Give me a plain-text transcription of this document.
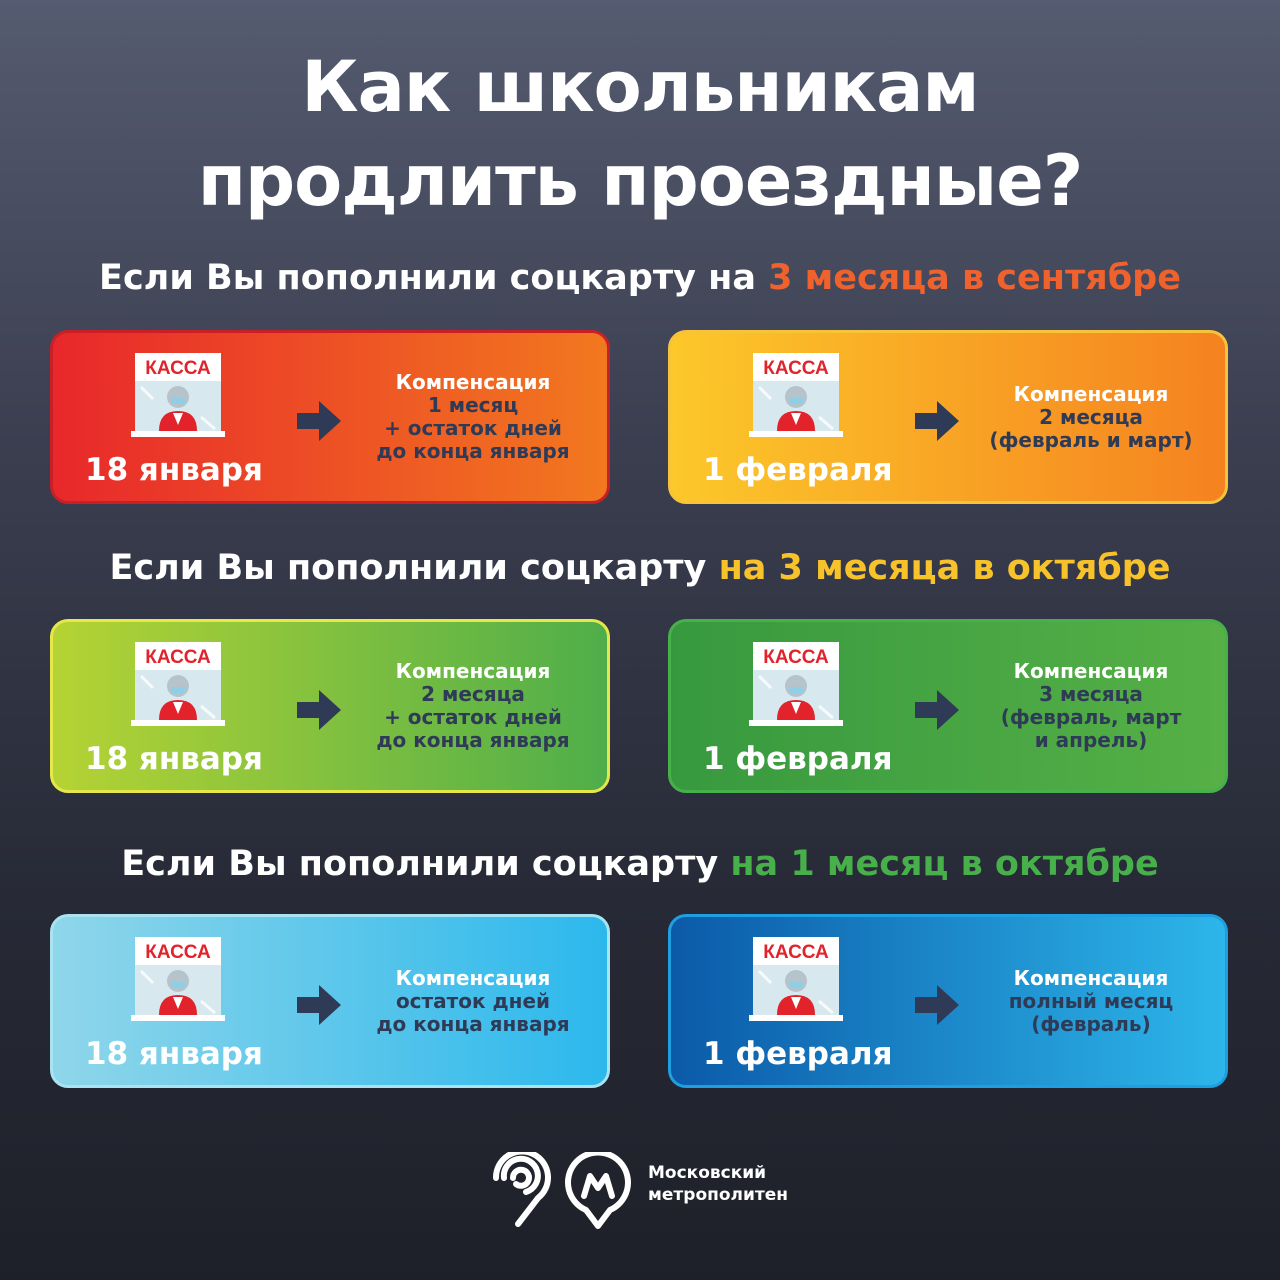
Как школьникам
продлить проездные?
Если Вы пополнили соцкарту на 3 месяца в сентябре
Если Вы пополнили соцкарту на 3 месяца в октябре
Если Вы пополнили соцкарту на 1 месяц в октябре
КАССА
18 января
Компенсация
1 месяц
+ остаток дней
до конца января
КАССА
1 февраля
Компенсация
2 месяца
(февраль и март)
КАССА
18 января
Компенсация
2 месяца
+ остаток дней
до конца января
КАССА
1 февраля
Компенсация
3 месяца
(февраль, март
и апрель)
КАССА
18 января
Компенсация
остаток дней
до конца января
КАССА
1 февраля
Компенсация
полный месяц
(февраль)
Московский
метрополитен
